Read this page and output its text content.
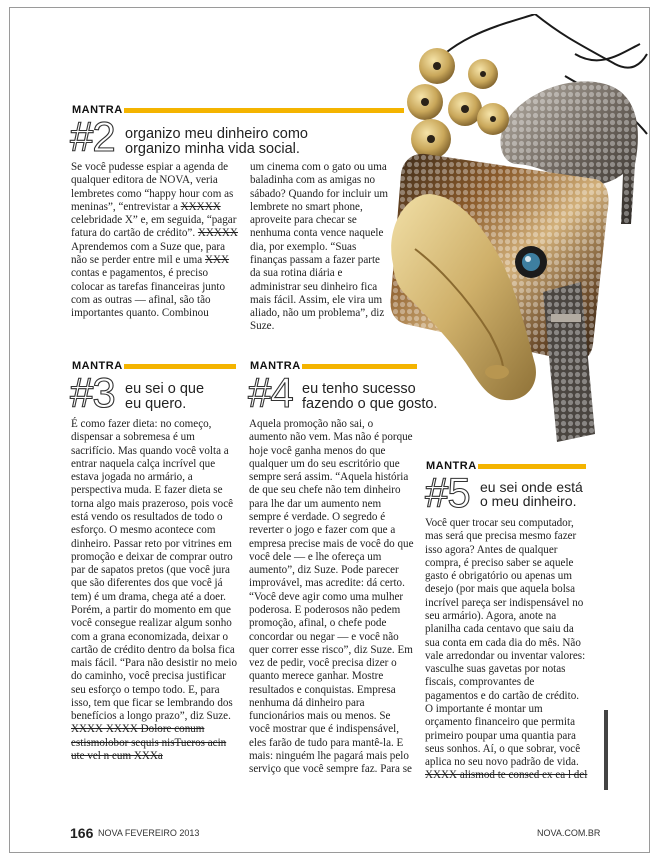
MANTRA
#2 organizo meu dinheiro como
organizo minha vida social.
Se você pudesse espiar a agenda de qualquer editora de NOVA, veria lembretes como “happy hour com as meninas”, “entrevistar a XXXXX celebridade X” e, em seguida, “pagar fatura do cartão de crédito”. XXXXX Aprendemos com a Suze que, para não se perder entre mil e uma XXX contas e pagamentos, é preciso colocar as tarefas financeiras junto com as outras — afinal, são tão importantes quanto. Combinou
um cinema com o gato ou uma baladinha com as amigas no sábado? Quando for incluir um lembrete no smart phone, aproveite para checar se nenhuma conta vence naquele dia, por exemplo. “Suas finanças passam a fazer parte da sua rotina diária e administrar seu dinheiro fica mais fácil. Assim, ele vira um aliado, não um problema”, diz Suze.
MANTRA
#3 eu sei o que
eu quero.
É como fazer dieta: no começo, dispensar a sobremesa é um sacrifício. Mas quando você volta a entrar naquela calça incrível que estava jogada no armário, a perspectiva muda. E fazer dieta se torna algo mais prazeroso, pois você está vendo os resultados de todo o esforço. O mesmo acontece com dinheiro. Passar reto por vitrines em promoção e deixar de comprar outro par de sapatos pretos (que você jura que são diferentes dos que você já tem) é um drama, chega até a doer. Porém, a partir do momento em que você consegue realizar algum sonho com a grana economizada, deixar o cartão de crédito dentro da bolsa fica mais fácil. “Para não desistir no meio do caminho, você precisa justificar seu esforço o tempo todo. E, para isso, tem que ficar se lembrando dos benefícios a longo prazo”, diz Suze. XXXX XXXX Dolore conum estismolobor sequis nisTueros acin ute vel n eum XXXa
MANTRA
#4 eu tenho sucesso
fazendo o que gosto.
Aquela promoção não sai, o aumento não vem. Mas não é porque hoje você ganha menos do que qualquer um do seu escritório que sempre será assim. “Aquela história de que seu chefe não tem dinheiro para lhe dar um aumento nem sempre é verdade. O segredo é reverter o jogo e fazer com que a empresa precise mais de você do que você dele — e lhe ofereça um aumento”, diz Suze. Pode parecer improvável, mas acredite: dá certo. “Você deve agir como uma mulher poderosa. E poderosos não pedem promoção, afinal, o chefe pode concordar ou negar — e você não quer correr esse risco”, diz Suze. Em vez de pedir, você precisa dizer o quanto merece ganhar. Mostre resultados e conquistas. Empresa nenhuma dá dinheiro para funcionários mais ou menos. Se você mostrar que é indispensável, eles farão de tudo para mantê-la. E mais: ninguém lhe pagará mais pelo serviço que você sempre faz. Para se
MANTRA
#5 eu sei onde está
o meu dinheiro.
Você quer trocar seu computador, mas será que precisa mesmo fazer isso agora? Antes de qualquer compra, é preciso saber se aquele gasto é obrigatório ou apenas um desejo (por mais que aquela bolsa incrível pareça ser indispensável no seu armário). Agora, anote na planilha cada centavo que saiu da sua conta em cada dia do mês. Não vale arredondar ou inventar valores: vasculhe suas gavetas por notas fiscais, comprovantes de pagamentos e do cartão de crédito. O importante é montar um orçamento financeiro que permita primeiro poupar uma quantia para seus sonhos. Aí, o que sobrar, você aplica no seu novo padrão de vida. XXXX alismod te consed ex ea l del
166 NOVA FEVEREIRO 2013	NOVA.COM.BR
